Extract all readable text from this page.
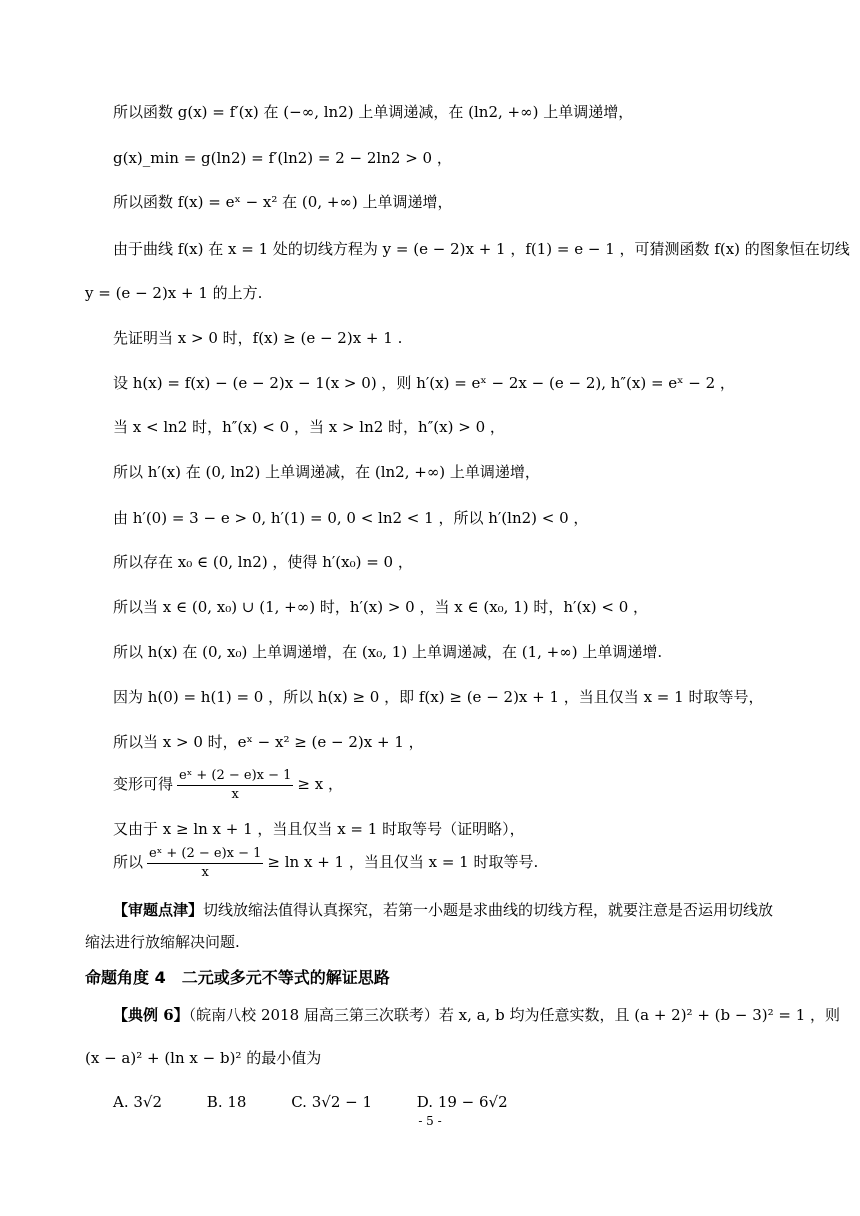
所以函数 g(x) = f′(x) 在 (−∞, ln2) 上单调递减，在 (ln2, +∞) 上单调递增，
g(x)_min = g(ln2) = f′(ln2) = 2 − 2ln2 > 0 ，
所以函数 f(x) = eˣ − x² 在 (0, +∞) 上单调递增，
由于曲线 f(x) 在 x = 1 处的切线方程为 y = (e − 2)x + 1 ，f(1) = e − 1 ，可猜测函数 f(x) 的图象恒在切线
y = (e − 2)x + 1 的上方.
先证明当 x > 0 时，f(x) ≥ (e − 2)x + 1 .
设 h(x) = f(x) − (e − 2)x − 1(x > 0) ，则 h′(x) = eˣ − 2x − (e − 2), h″(x) = eˣ − 2 ，
当 x < ln2 时，h″(x) < 0 ，当 x > ln2 时，h″(x) > 0 ，
所以 h′(x) 在 (0, ln2) 上单调递减，在 (ln2, +∞) 上单调递增，
由 h′(0) = 3 − e > 0, h′(1) = 0, 0 < ln2 < 1 ，所以 h′(ln2) < 0 ，
所以存在 x₀ ∈ (0, ln2) ，使得 h′(x₀) = 0 ，
所以当 x ∈ (0, x₀) ∪ (1, +∞) 时，h′(x) > 0 ，当 x ∈ (x₀, 1) 时，h′(x) < 0 ，
所以 h(x) 在 (0, x₀) 上单调递增，在 (x₀, 1) 上单调递减，在 (1, +∞) 上单调递增.
因为 h(0) = h(1) = 0 ，所以 h(x) ≥ 0 ，即 f(x) ≥ (e − 2)x + 1 ，当且仅当 x = 1 时取等号，
所以当 x > 0 时，eˣ − x² ≥ (e − 2)x + 1 ，
变形可得 $\frac{\text{eˣ + (2 − e)x − 1}}{x} \ge x$ ，
又由于 x ≥ ln x + 1 ，当且仅当 x = 1 时取等号（证明略），
所以 $\frac{\text{eˣ + (2 − e)x − 1}}{x} \ge \ln x + 1$ ，当且仅当 x = 1 时取等号.
【审题点津】切线放缩法值得认真探究，若第一小题是求曲线的切线方程，就要注意是否运用切线放
缩法进行放缩解决问题.
命题角度 4　二元或多元不等式的解证思路
【典例 6】（皖南八校 2018 届高三第三次联考）若 x, a, b 均为任意实数，且 (a + 2)² + (b − 3)² = 1 ，则
(x − a)² + (ln x − b)² 的最小值为
A. 3√2	B. 18	C. 3√2 − 1	D. 19 − 6√2
- 5 -
